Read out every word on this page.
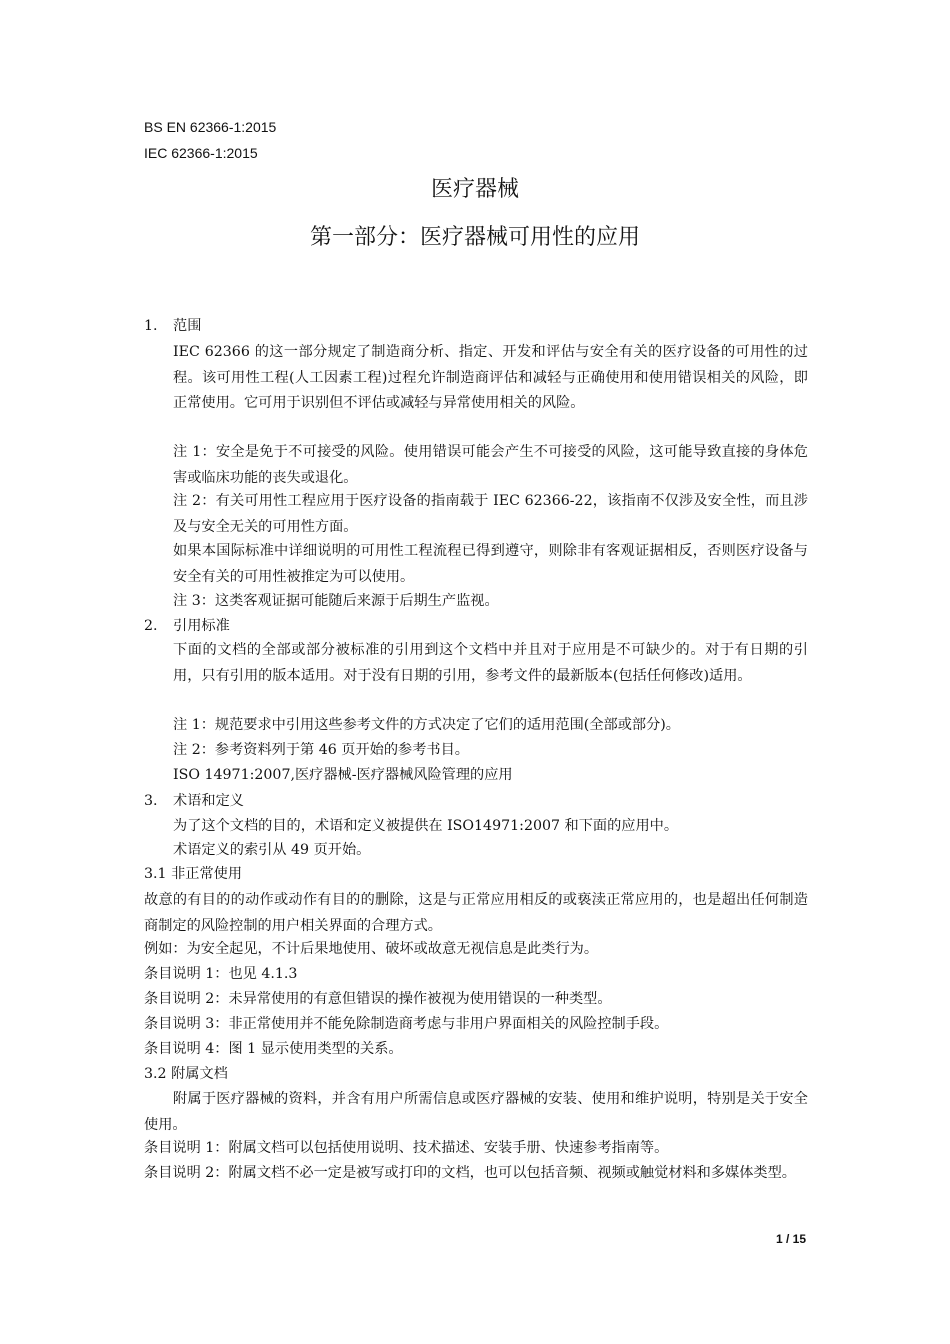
BS EN 62366-1:2015
IEC 62366-1:2015
医疗器械
第一部分：医疗器械可用性的应用
1. 范围

IEC 62366 的这一部分规定了制造商分析、指定、开发和评估与安全有关的医疗设备的可用性的过程。该可用性工程(人工因素工程)过程允许制造商评估和减轻与正确使用和使用错误相关的风险，即正常使用。它可用于识别但不评估或减轻与异常使用相关的风险。

注 1：安全是免于不可接受的风险。使用错误可能会产生不可接受的风险，这可能导致直接的身体危害或临床功能的丧失或退化。

注 2：有关可用性工程应用于医疗设备的指南载于 IEC 62366-22，该指南不仅涉及安全性，而且涉及与安全无关的可用性方面。

如果本国际标准中详细说明的可用性工程流程已得到遵守，则除非有客观证据相反，否则医疗设备与安全有关的可用性被推定为可以使用。

注 3：这类客观证据可能随后来源于后期生产监视。

2. 引用标准

下面的文档的全部或部分被标准的引用到这个文档中并且对于应用是不可缺少的。对于有日期的引用，只有引用的版本适用。对于没有日期的引用，参考文件的最新版本(包括任何修改)适用。

注 1：规范要求中引用这些参考文件的方式决定了它们的适用范围(全部或部分)。

注 2：参考资料列于第 46 页开始的参考书目。

ISO 14971:2007,医疗器械-医疗器械风险管理的应用

3. 术语和定义

为了这个文档的目的，术语和定义被提供在 ISO14971:2007 和下面的应用中。

术语定义的索引从 49 页开始。

3.1 非正常使用

故意的有目的的动作或动作有目的的删除，这是与正常应用相反的或亵渎正常应用的，也是超出任何制造商制定的风险控制的用户相关界面的合理方式。

例如：为安全起见，不计后果地使用、破坏或故意无视信息是此类行为。

条目说明 1：也见 4.1.3

条目说明 2：未异常使用的有意但错误的操作被视为使用错误的一种类型。

条目说明 3：非正常使用并不能免除制造商考虑与非用户界面相关的风险控制手段。

条目说明 4：图 1 显示使用类型的关系。

3.2 附属文档

附属于医疗器械的资料，并含有用户所需信息或医疗器械的安装、使用和维护说明，特别是关于安全使用。

条目说明 1：附属文档可以包括使用说明、技术描述、安装手册、快速参考指南等。

条目说明 2：附属文档不必一定是被写或打印的文档，也可以包括音频、视频或触觉材料和多媒体类型。

1 / 15
